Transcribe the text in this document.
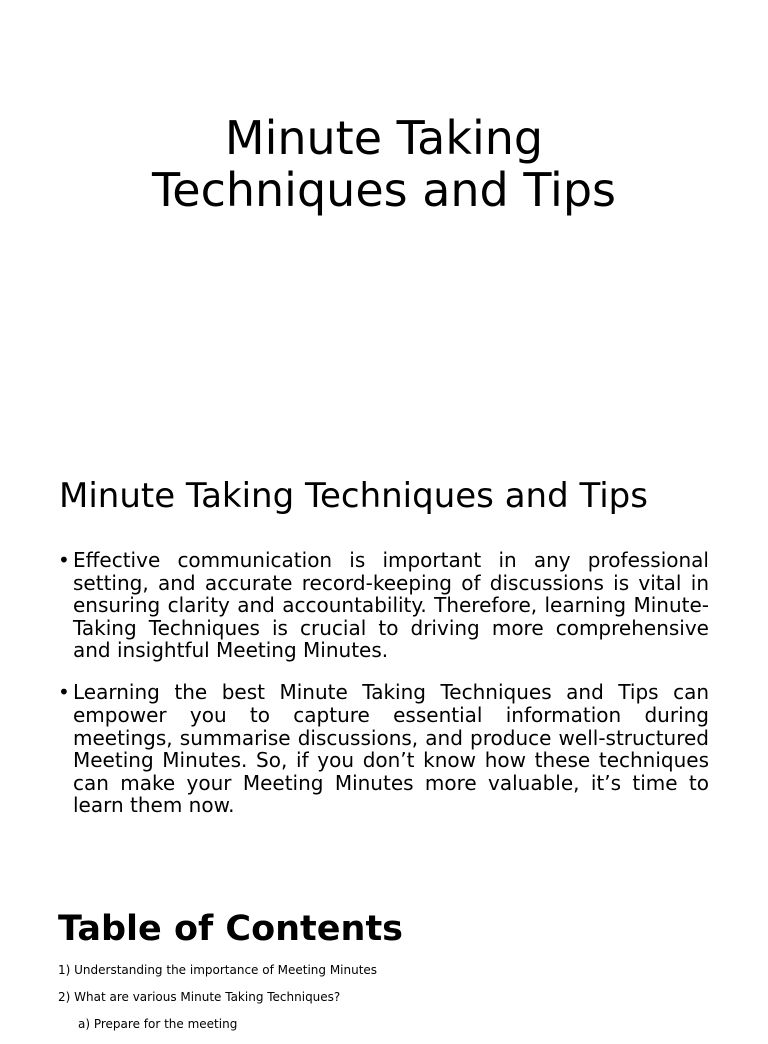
Minute Taking
Techniques and Tips
Minute Taking Techniques and Tips
• Effective communication is important in any professional setting, and accurate record-keeping of discussions is vital in ensuring clarity and accountability. Therefore, learning Minute-Taking Techniques is crucial to driving more comprehensive and insightful Meeting Minutes.
• Learning the best Minute Taking Techniques and Tips can empower you to capture essential information during meetings, summarise discussions, and produce well-structured Meeting Minutes. So, if you don’t know how these techniques can make your Meeting Minutes more valuable, it’s time to learn them now.
Table of Contents
1) Understanding the importance of Meeting Minutes
2) What are various Minute Taking Techniques?
a) Prepare for the meeting
